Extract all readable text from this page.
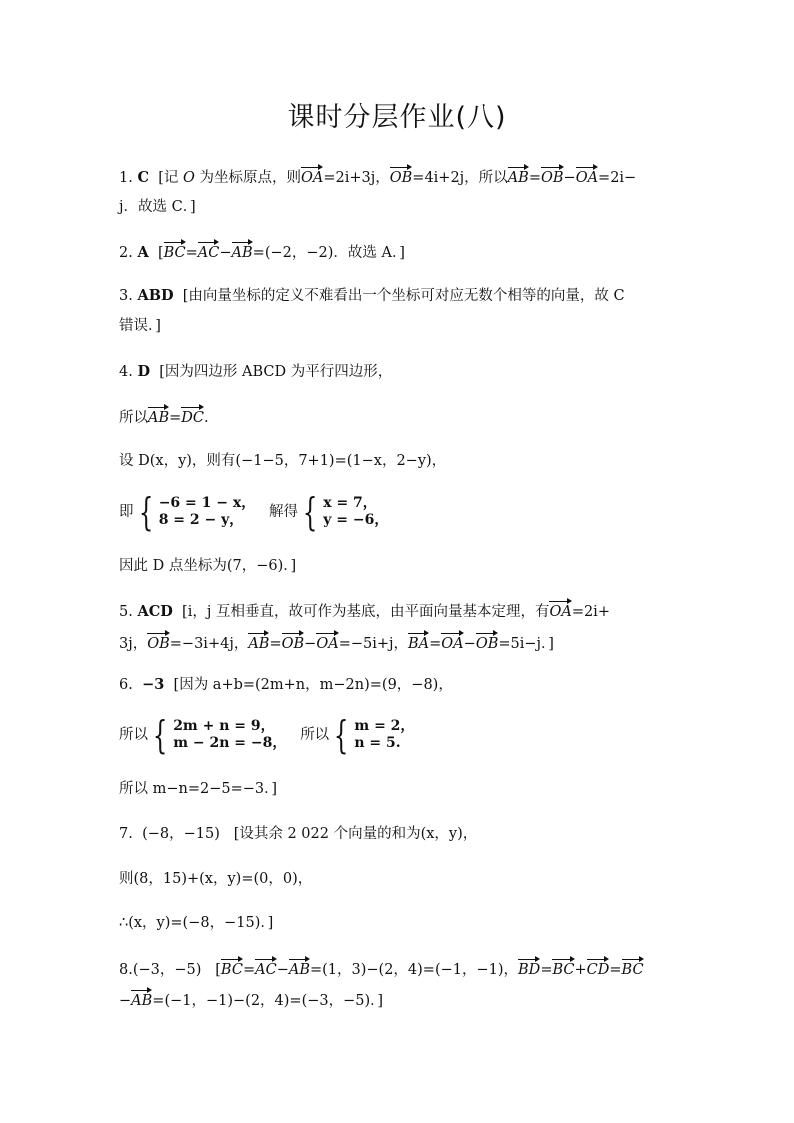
课时分层作业(八)
1. C [记 O 为坐标原点，则OA=2i+3j，OB=4i+2j，所以AB=OB−OA=2i−
j．故选 C．]
2. A [BC=AC−AB=(−2，−2)．故选 A．]
3. ABD [由向量坐标的定义不难看出一个坐标可对应无数个相等的向量，故 C
错误．]
4. D [因为四边形 ABCD 为平行四边形，
所以AB=DC.
设 D(x，y)，则有(−1−5，7+1)=(1−x，2−y)，
即 { −6 = 1 − x，
8 = 2 − y，	解得 { x = 7，
y = −6，
因此 D 点坐标为(7，−6)．]
5. ACD [i，j 互相垂直，故可作为基底，由平面向量基本定理，有OA=2i+
3j，OB=−3i+4j，AB=OB−OA=−5i+j，BA=OA−OB=5i−j．]
6. −3 [因为 a+b=(2m+n，m−2n)=(9，−8)，
所以 { 2m + n = 9，
m − 2n = −8， 所以 { m = 2，
n = 5.
所以 m−n=2−5=−3．]
7. (−8，−15) [设其余 2 022 个向量的和为(x，y)，
则(8，15)+(x，y)=(0，0)，
∴(x，y)=(−8，−15)．]
8.(−3，−5) [BC=AC−AB=(1，3)−(2，4)=(−1，−1)，BD=BC+CD=BC
−AB=(−1，−1)−(2，4)=(−3，−5)．]
